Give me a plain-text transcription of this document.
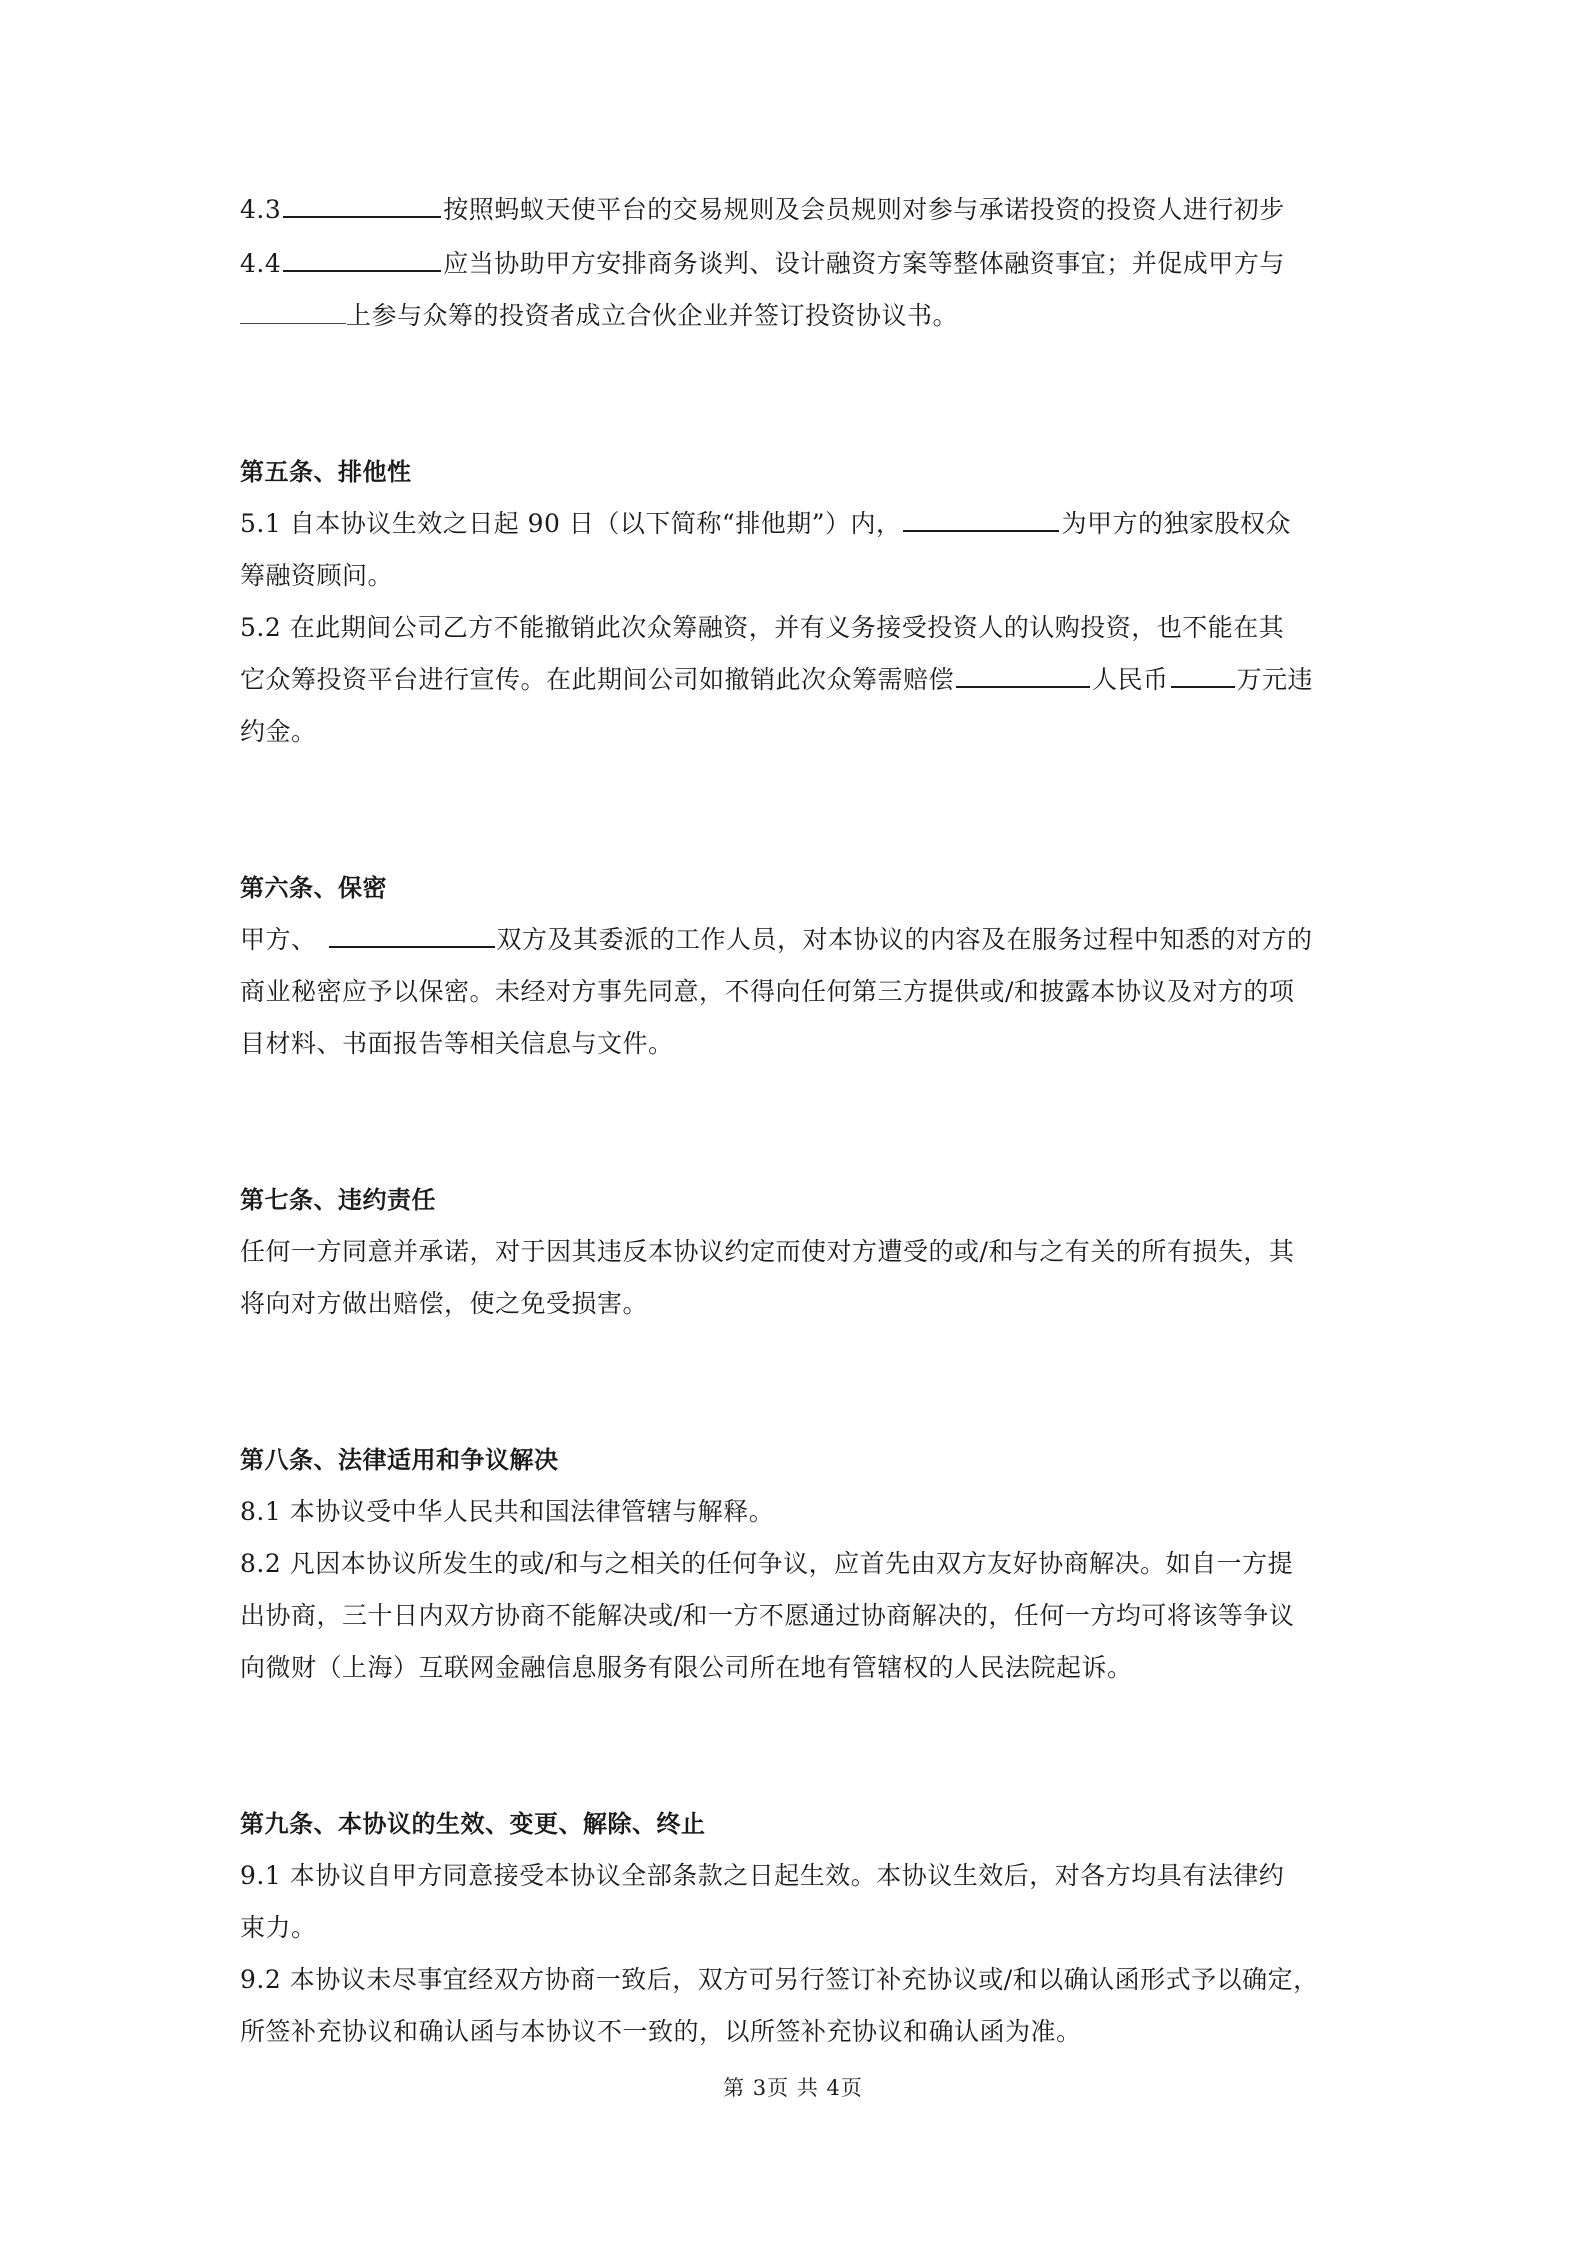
4.3	按照蚂蚁天使平台的交易规则及会员规则对参与承诺投资的投资人进行初步
4.4	应当协助甲方安排商务谈判、设计融资方案等整体融资事宜；并促成甲方与
上参与众筹的投资者成立合伙企业并签订投资协议书。
第五条、排他性
5.1 自本协议生效之日起 90 日（以下简称“排他期”）内，	为甲方的独家股权众
筹融资顾问。
5.2 在此期间公司乙方不能撤销此次众筹融资，并有义务接受投资人的认购投资，也不能在其
它众筹投资平台进行宣传。在此期间公司如撤销此次众筹需赔偿	人民币	万元违
约金。
第六条、保密
甲方、	双方及其委派的工作人员，对本协议的内容及在服务过程中知悉的对方的
商业秘密应予以保密。未经对方事先同意，不得向任何第三方提供或/和披露本协议及对方的项
目材料、书面报告等相关信息与文件。
第七条、违约责任
任何一方同意并承诺，对于因其违反本协议约定而使对方遭受的或/和与之有关的所有损失，其
将向对方做出赔偿，使之免受损害。
第八条、法律适用和争议解决
8.1 本协议受中华人民共和国法律管辖与解释。
8.2 凡因本协议所发生的或/和与之相关的任何争议，应首先由双方友好协商解决。如自一方提
出协商，三十日内双方协商不能解决或/和一方不愿通过协商解决的，任何一方均可将该等争议
向微财（上海）互联网金融信息服务有限公司所在地有管辖权的人民法院起诉。
第九条、本协议的生效、变更、解除、终止
9.1 本协议自甲方同意接受本协议全部条款之日起生效。本协议生效后，对各方均具有法律约
束力。
9.2 本协议未尽事宜经双方协商一致后，双方可另行签订补充协议或/和以确认函形式予以确定，
所签补充协议和确认函与本协议不一致的，以所签补充协议和确认函为准。
第 3页 共 4页
